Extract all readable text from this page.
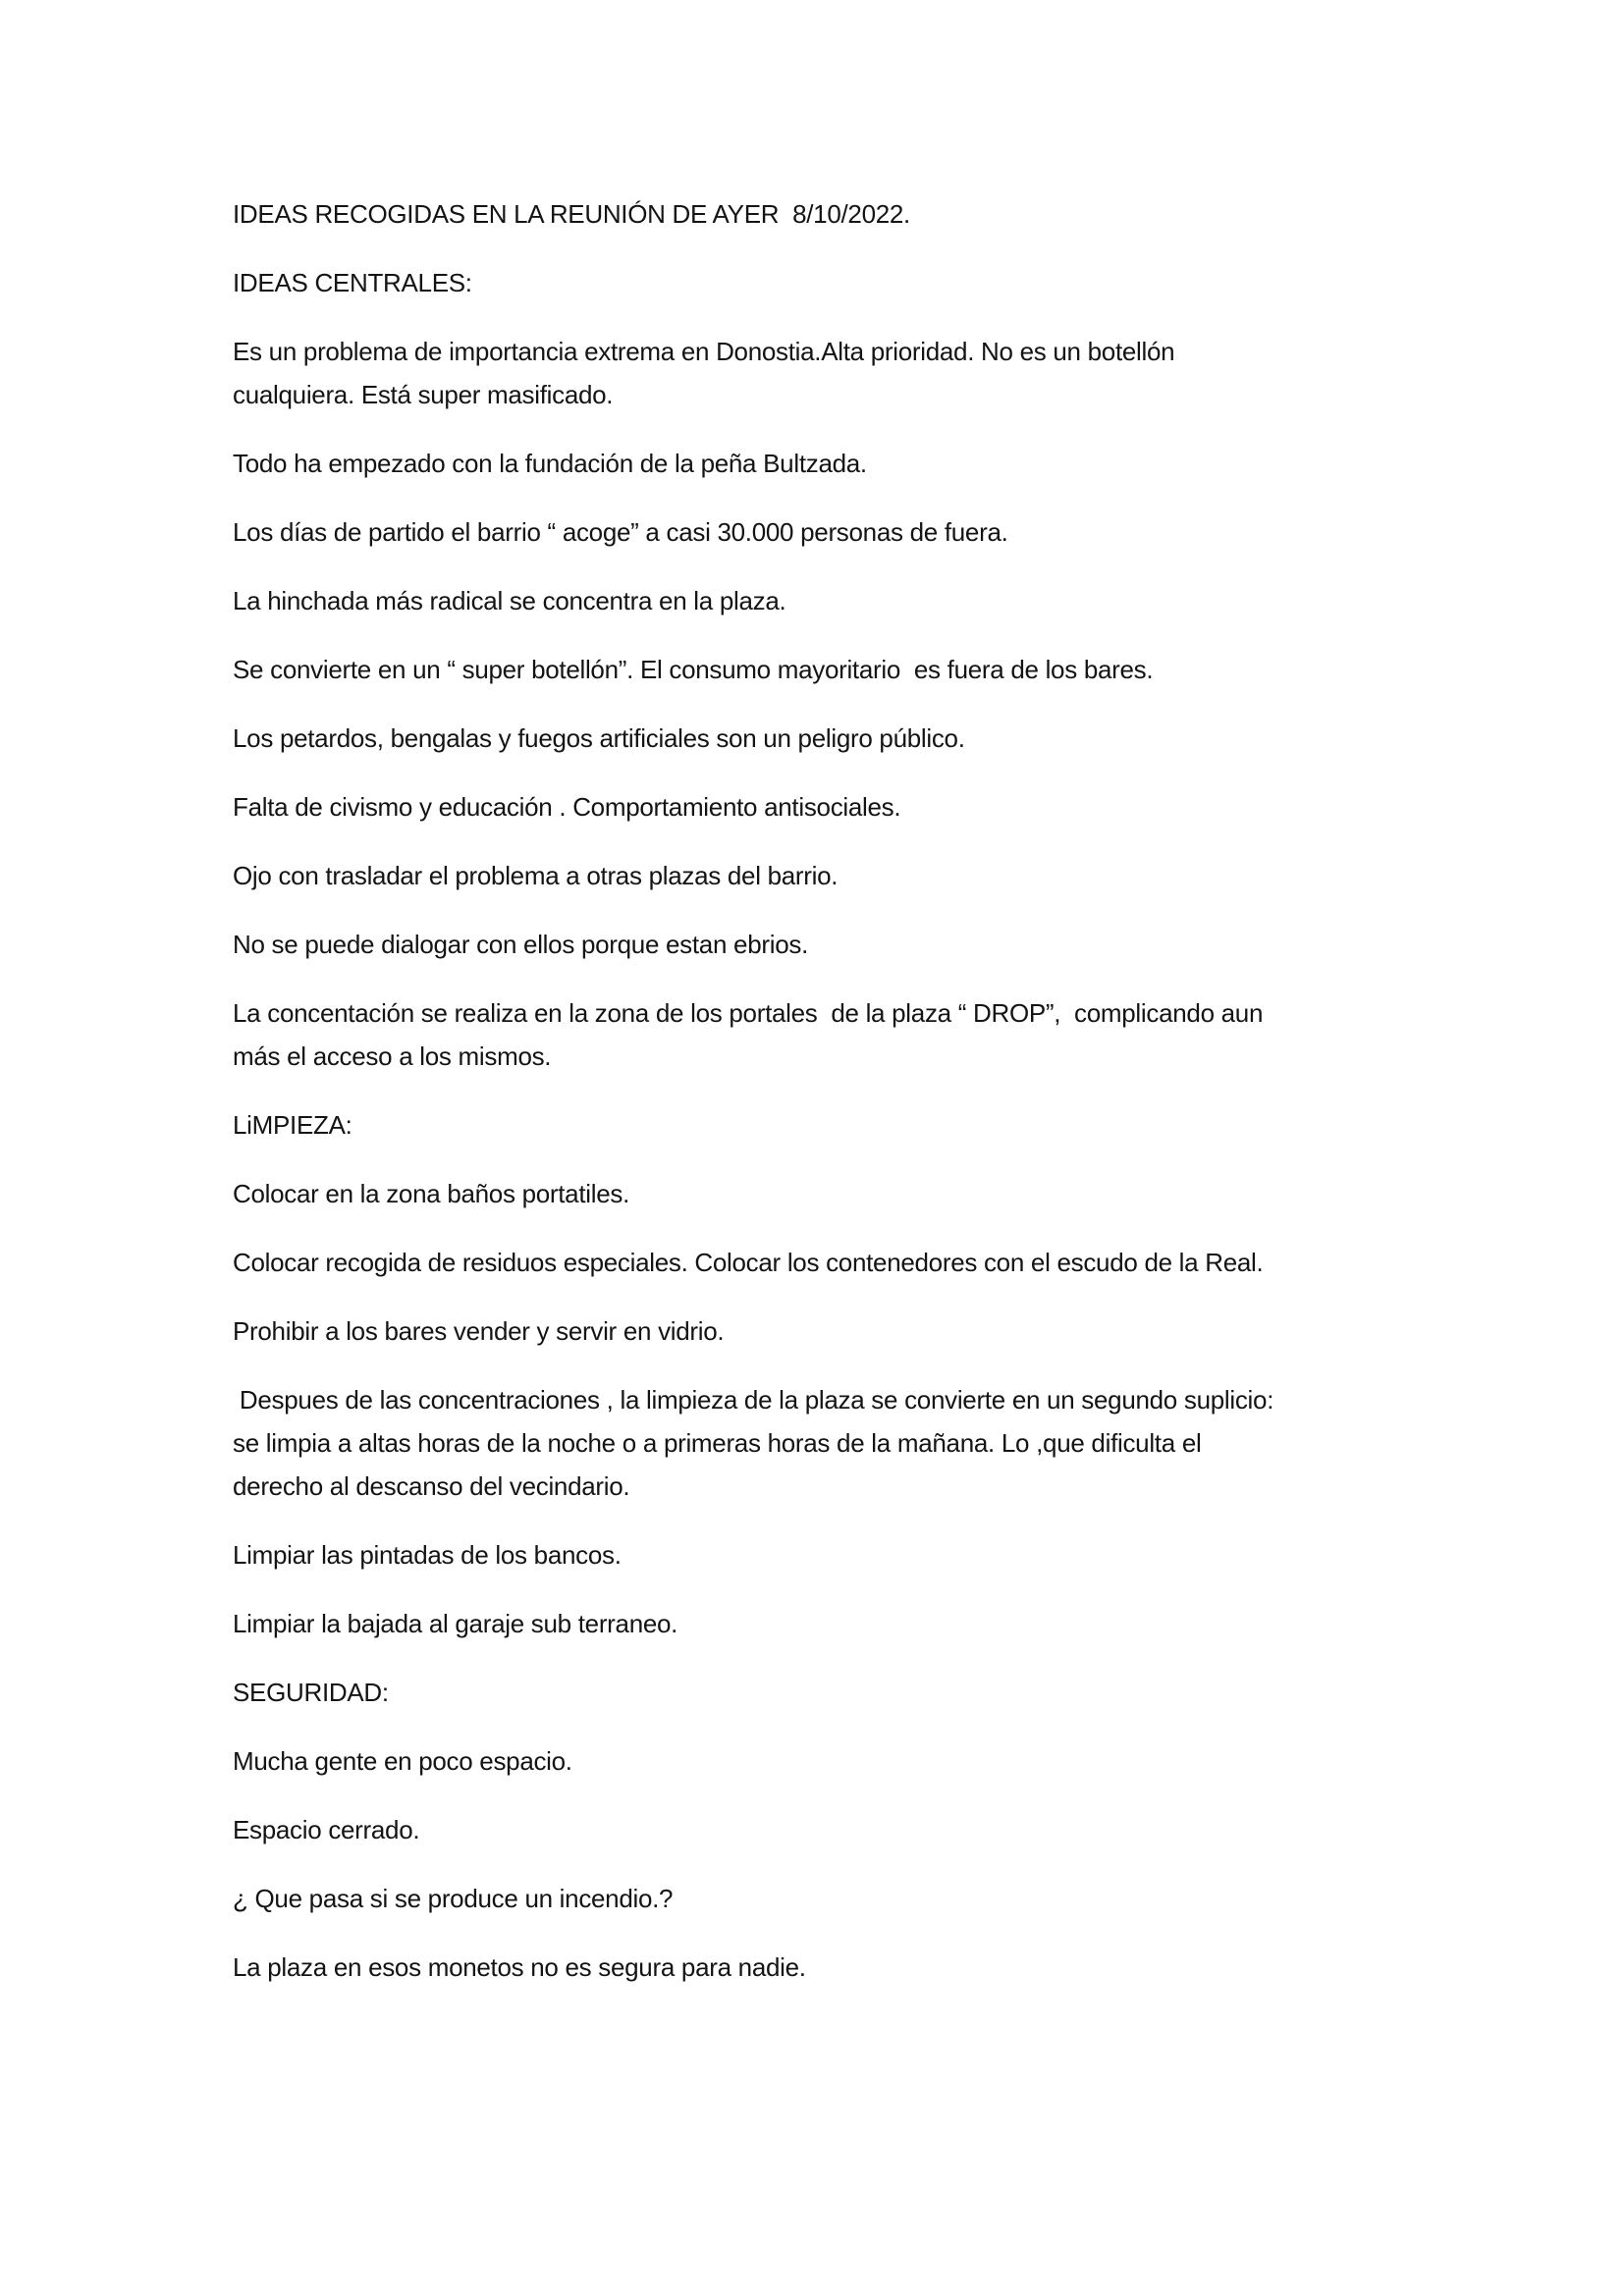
IDEAS RECOGIDAS EN LA REUNIÓN DE AYER  8/10/2022.

IDEAS CENTRALES:

Es un problema de importancia extrema en Donostia.Alta prioridad. No es un botellón
cualquiera. Está super masificado.

Todo ha empezado con la fundación de la peña Bultzada.

Los días de partido el barrio “ acoge” a casi 30.000 personas de fuera.

La hinchada más radical se concentra en la plaza.

Se convierte en un “ super botellón”. El consumo mayoritario  es fuera de los bares.

Los petardos, bengalas y fuegos artificiales son un peligro público.

Falta de civismo y educación . Comportamiento antisociales.

Ojo con trasladar el problema a otras plazas del barrio.

No se puede dialogar con ellos porque estan ebrios.

La concentación se realiza en la zona de los portales  de la plaza “ DROP”,  complicando aun
más el acceso a los mismos.

LiMPIEZA:

Colocar en la zona baños portatiles.

Colocar recogida de residuos especiales. Colocar los contenedores con el escudo de la Real.

Prohibir a los bares vender y servir en vidrio.

Despues de las concentraciones , la limpieza de la plaza se convierte en un segundo suplicio:
se limpia a altas horas de la noche o a primeras horas de la mañana. Lo ,que dificulta el
derecho al descanso del vecindario.

Limpiar las pintadas de los bancos.

Limpiar la bajada al garaje sub terraneo.

SEGURIDAD:

Mucha gente en poco espacio.

Espacio cerrado.

¿ Que pasa si se produce un incendio.?

La plaza en esos monetos no es segura para nadie.
